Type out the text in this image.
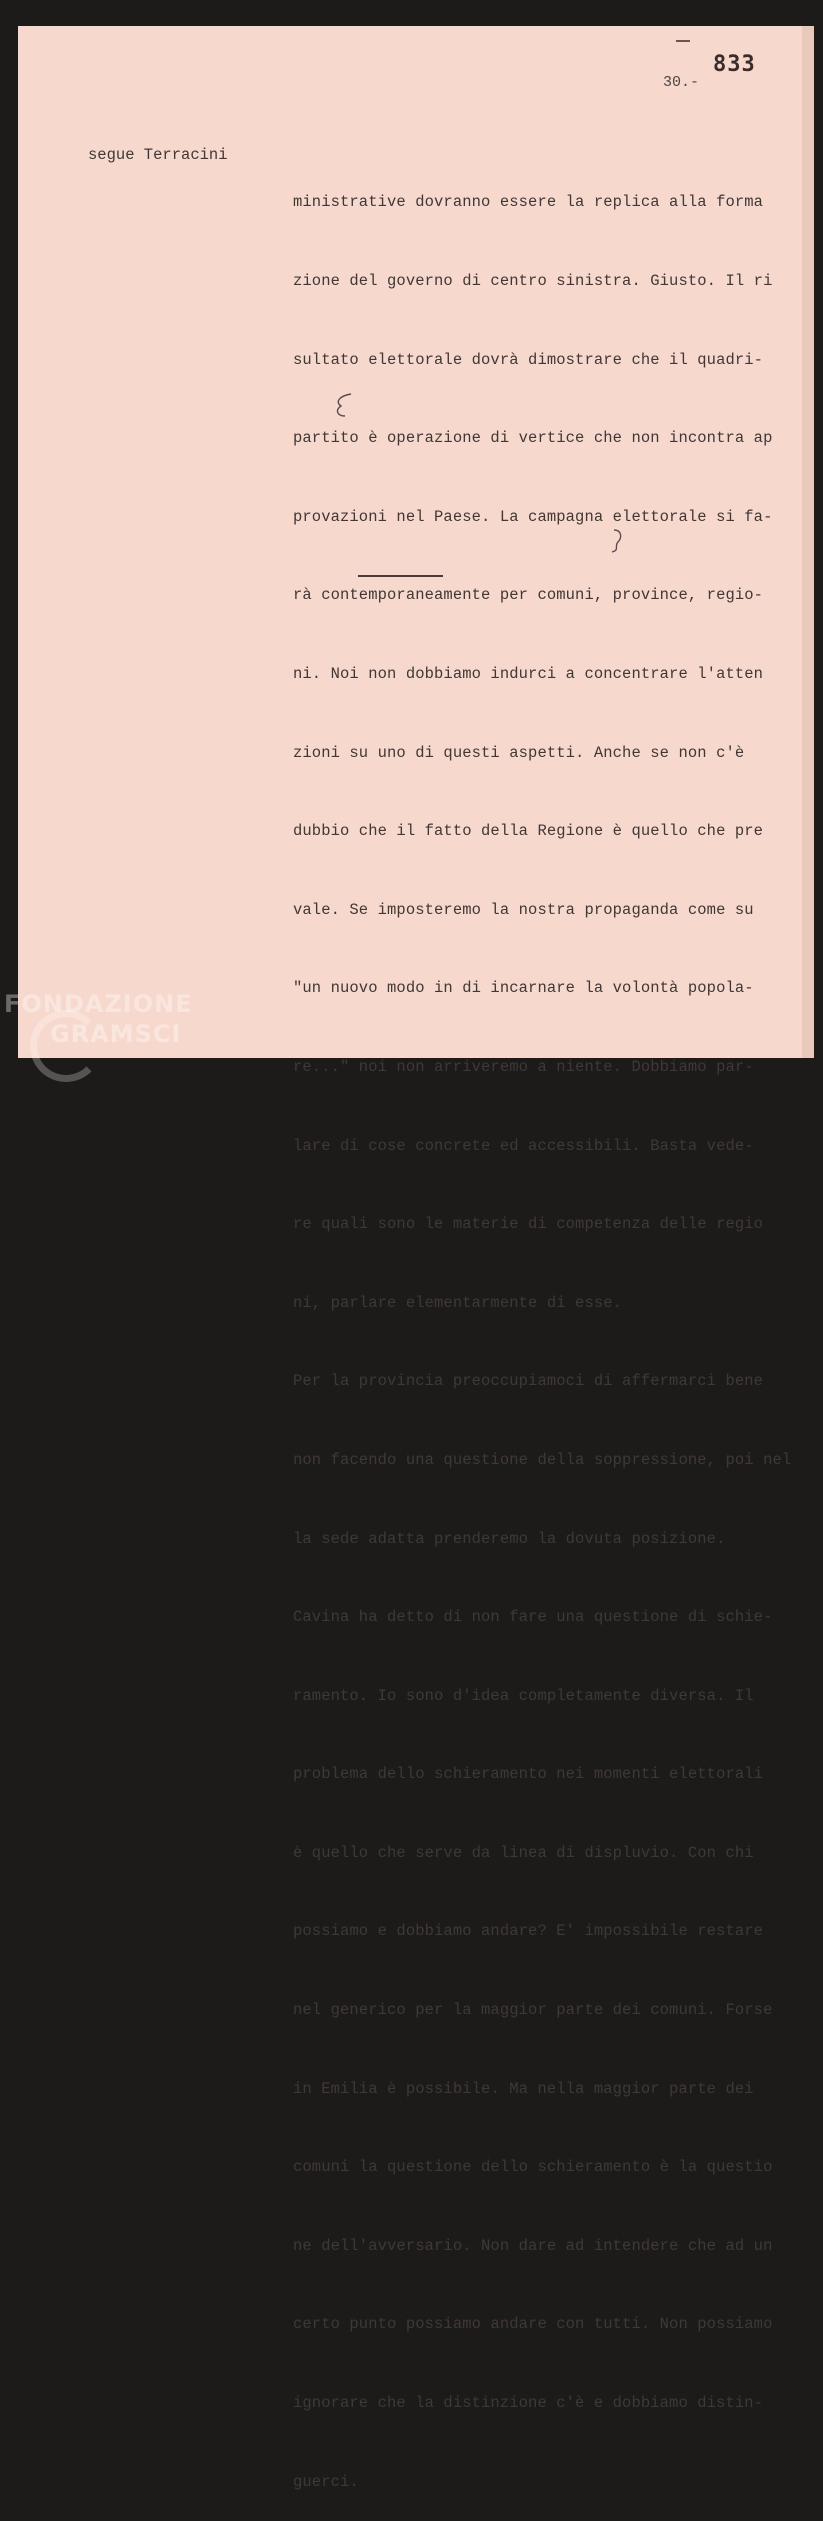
833
30.-
segue Terracini

ministrative dovranno essere la replica alla forma

zione del governo di centro sinistra. Giusto. Il ri

sultato elettorale dovrà dimostrare che il quadri-

partito è operazione di vertice che non incontra ap

provazioni nel Paese. La campagna elettorale si fa-

rà contemporaneamente per comuni, province, regio-

ni. Noi non dobbiamo indurci a concentrare l'atten

zioni su uno di questi aspetti. Anche se non c'è

dubbio che il fatto della Regione è quello che pre

vale. Se imposteremo la nostra propaganda come su

"un nuovo modo in di incarnare la volontà popola-

re..." noi non arriveremo a niente. Dobbiamo par-

lare di cose concrete ed accessibili. Basta vede-

re quali sono le materie di competenza delle regio

ni, parlare elementarmente di esse.

Per la provincia preoccupiamoci di affermarci bene

non facendo una questione della soppressione, poi nel

la sede adatta prenderemo la dovuta posizione.

Cavina ha detto di non fare una questione di schie-

ramento. Io sono d'idea completamente diversa. Il

problema dello schieramento nei momenti elettorali

è quello che serve da linea di displuvio. Con chi

possiamo e dobbiamo andare? E' impossibile restare

nel generico per la maggior parte dei comuni. Forse

in Emilia è possibile. Ma nella maggior parte dei

comuni la questione dello schieramento è la questio

ne dell'avversario. Non dare ad intendere che ad un

certo punto possiamo andare con tutti. Non possiamo

ignorare che la distinzione c'è e dobbiamo distin-

guerci.

FONDAZIONE
GRAMSCI
